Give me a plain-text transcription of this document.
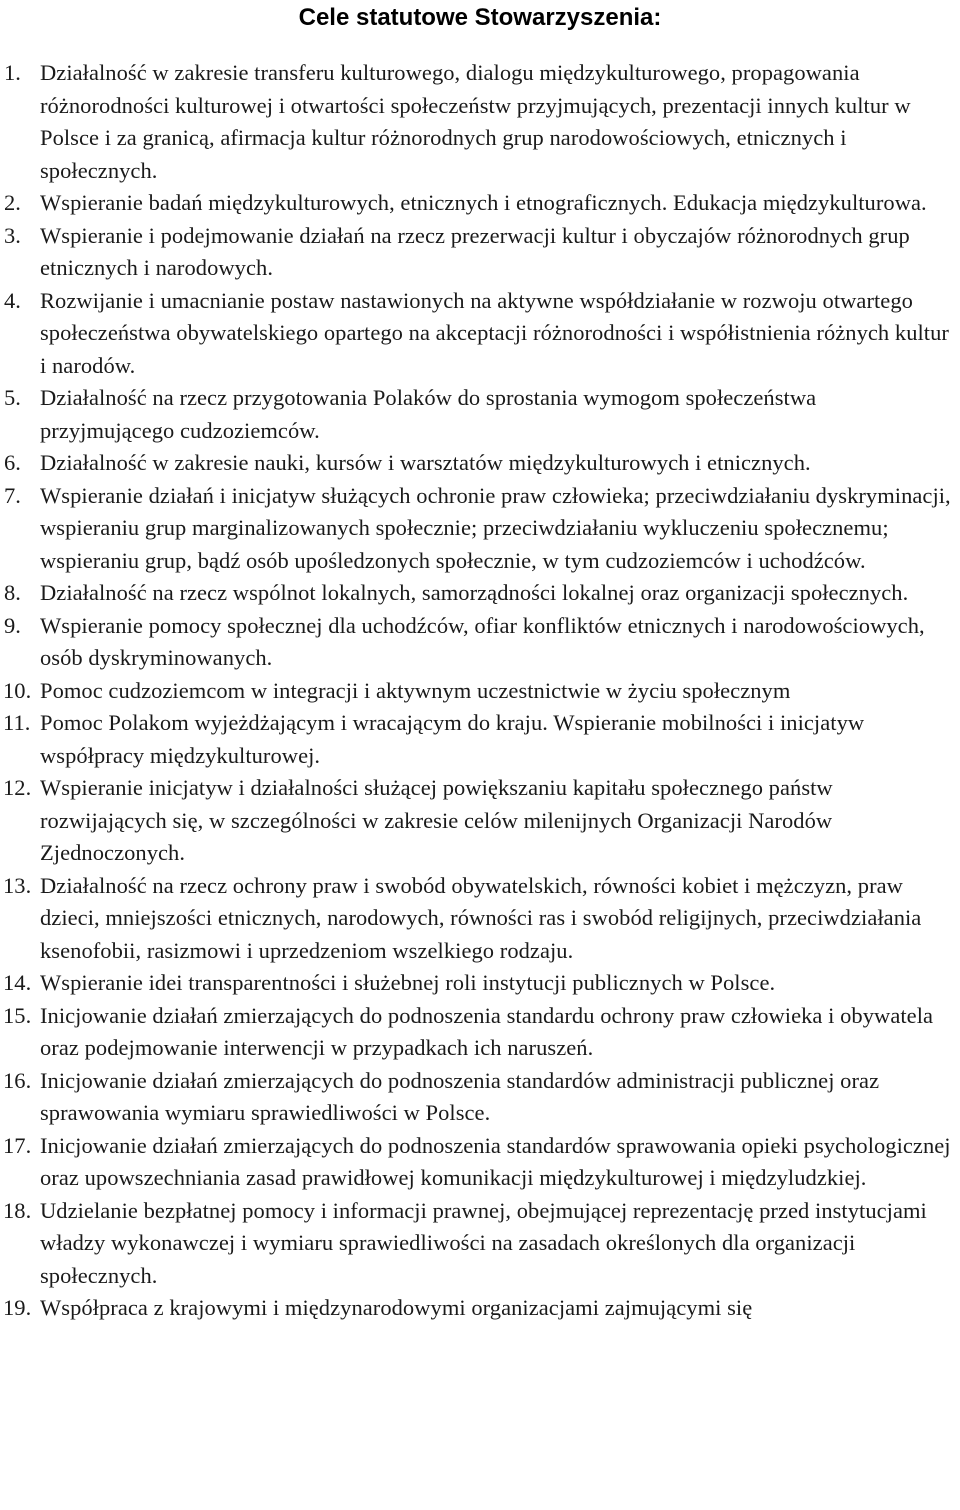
Cele statutowe Stowarzyszenia:
1. Działalność w zakresie transferu kulturowego, dialogu międzykulturowego, propagowania różnorodności kulturowej i otwartości społeczeństw przyjmujących, prezentacji innych kultur w Polsce i za granicą, afirmacja kultur różnorodnych grup narodowościowych, etnicznych i społecznych.
2. Wspieranie badań międzykulturowych, etnicznych i etnograficznych. Edukacja międzykulturowa.
3. Wspieranie i podejmowanie działań na rzecz prezerwacji kultur i obyczajów różnorodnych grup etnicznych i narodowych.
4. Rozwijanie i umacnianie postaw nastawionych na aktywne współdziałanie w rozwoju otwartego społeczeństwa obywatelskiego opartego na akceptacji różnorodności i współistnienia różnych kultur i narodów.
5. Działalność na rzecz przygotowania Polaków do sprostania wymogom społeczeństwa przyjmującego cudzoziemców.
6. Działalność w zakresie nauki, kursów i warsztatów międzykulturowych i etnicznych.
7. Wspieranie działań i inicjatyw służących ochronie praw człowieka; przeciwdziałaniu dyskryminacji, wspieraniu grup marginalizowanych społecznie; przeciwdziałaniu wykluczeniu społecznemu; wspieraniu grup, bądź osób upośledzonych społecznie, w tym cudzoziemców i uchodźców.
8. Działalność na rzecz wspólnot lokalnych, samorządności lokalnej oraz organizacji społecznych.
9. Wspieranie pomocy społecznej dla uchodźców, ofiar konfliktów etnicznych i narodowościowych, osób dyskryminowanych.
10. Pomoc cudzoziemcom w integracji i aktywnym uczestnictwie w życiu społecznym
11. Pomoc Polakom wyjeżdżającym i wracającym do kraju. Wspieranie mobilności i inicjatyw współpracy międzykulturowej.
12. Wspieranie inicjatyw i działalności służącej powiększaniu kapitału społecznego państw rozwijających się, w szczególności w zakresie celów milenijnych Organizacji Narodów Zjednoczonych.
13. Działalność na rzecz ochrony praw i swobód obywatelskich, równości kobiet i mężczyzn, praw dzieci, mniejszości etnicznych, narodowych, równości ras i swobód religijnych, przeciwdziałania ksenofobii, rasizmowi i uprzedzeniom wszelkiego rodzaju.
14. Wspieranie idei transparentności i służebnej roli instytucji publicznych w Polsce.
15. Inicjowanie działań zmierzających do podnoszenia standardu ochrony praw człowieka i obywatela oraz podejmowanie interwencji w przypadkach ich naruszeń.
16. Inicjowanie działań zmierzających do podnoszenia standardów administracji publicznej oraz sprawowania wymiaru sprawiedliwości w Polsce.
17. Inicjowanie działań zmierzających do podnoszenia standardów sprawowania opieki psychologicznej oraz upowszechniania zasad prawidłowej komunikacji międzykulturowej i międzyludzkiej.
18. Udzielanie bezpłatnej pomocy i informacji prawnej, obejmującej reprezentację przed instytucjami władzy wykonawczej i wymiaru sprawiedliwości na zasadach określonych dla organizacji społecznych.
19. Współpraca z krajowymi i międzynarodowymi organizacjami zajmującymi się
